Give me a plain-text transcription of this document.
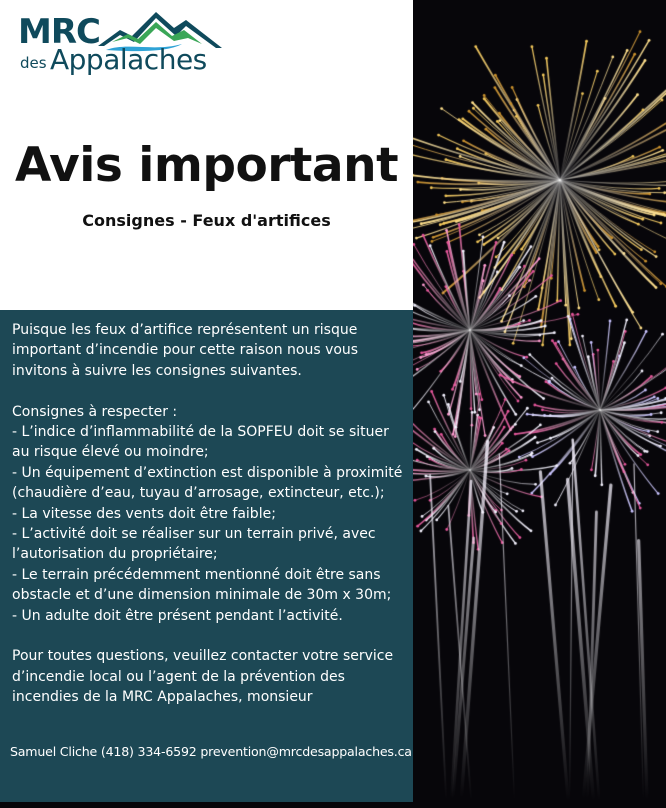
MRC
des Appalaches
Avis important
Consignes - Feux d'artifices

Puisque les feux d’artifice représentent un risque important d’incendie pour cette raison nous vous invitons à suivre les consignes suivantes.

Consignes à respecter :

- L’indice d’inflammabilité de la SOPFEU doit se situer au risque élevé ou moindre;
- Un équipement d’extinction est disponible à proximité (chaudière d’eau, tuyau d’arrosage, extincteur, etc.);
- La vitesse des vents doit être faible;
- L’activité doit se réaliser sur un terrain privé, avec l’autorisation du propriétaire;
- Le terrain précédemment mentionné doit être sans obstacle et d’une dimension minimale de 30m x 30m;
- Un adulte doit être présent pendant l’activité.

Pour toutes questions, veuillez contacter votre service d’incendie local ou l’agent de la prévention des incendies de la MRC Appalaches, monsieur

Samuel Cliche (418) 334-6592 prevention@mrcdesappalaches.ca
